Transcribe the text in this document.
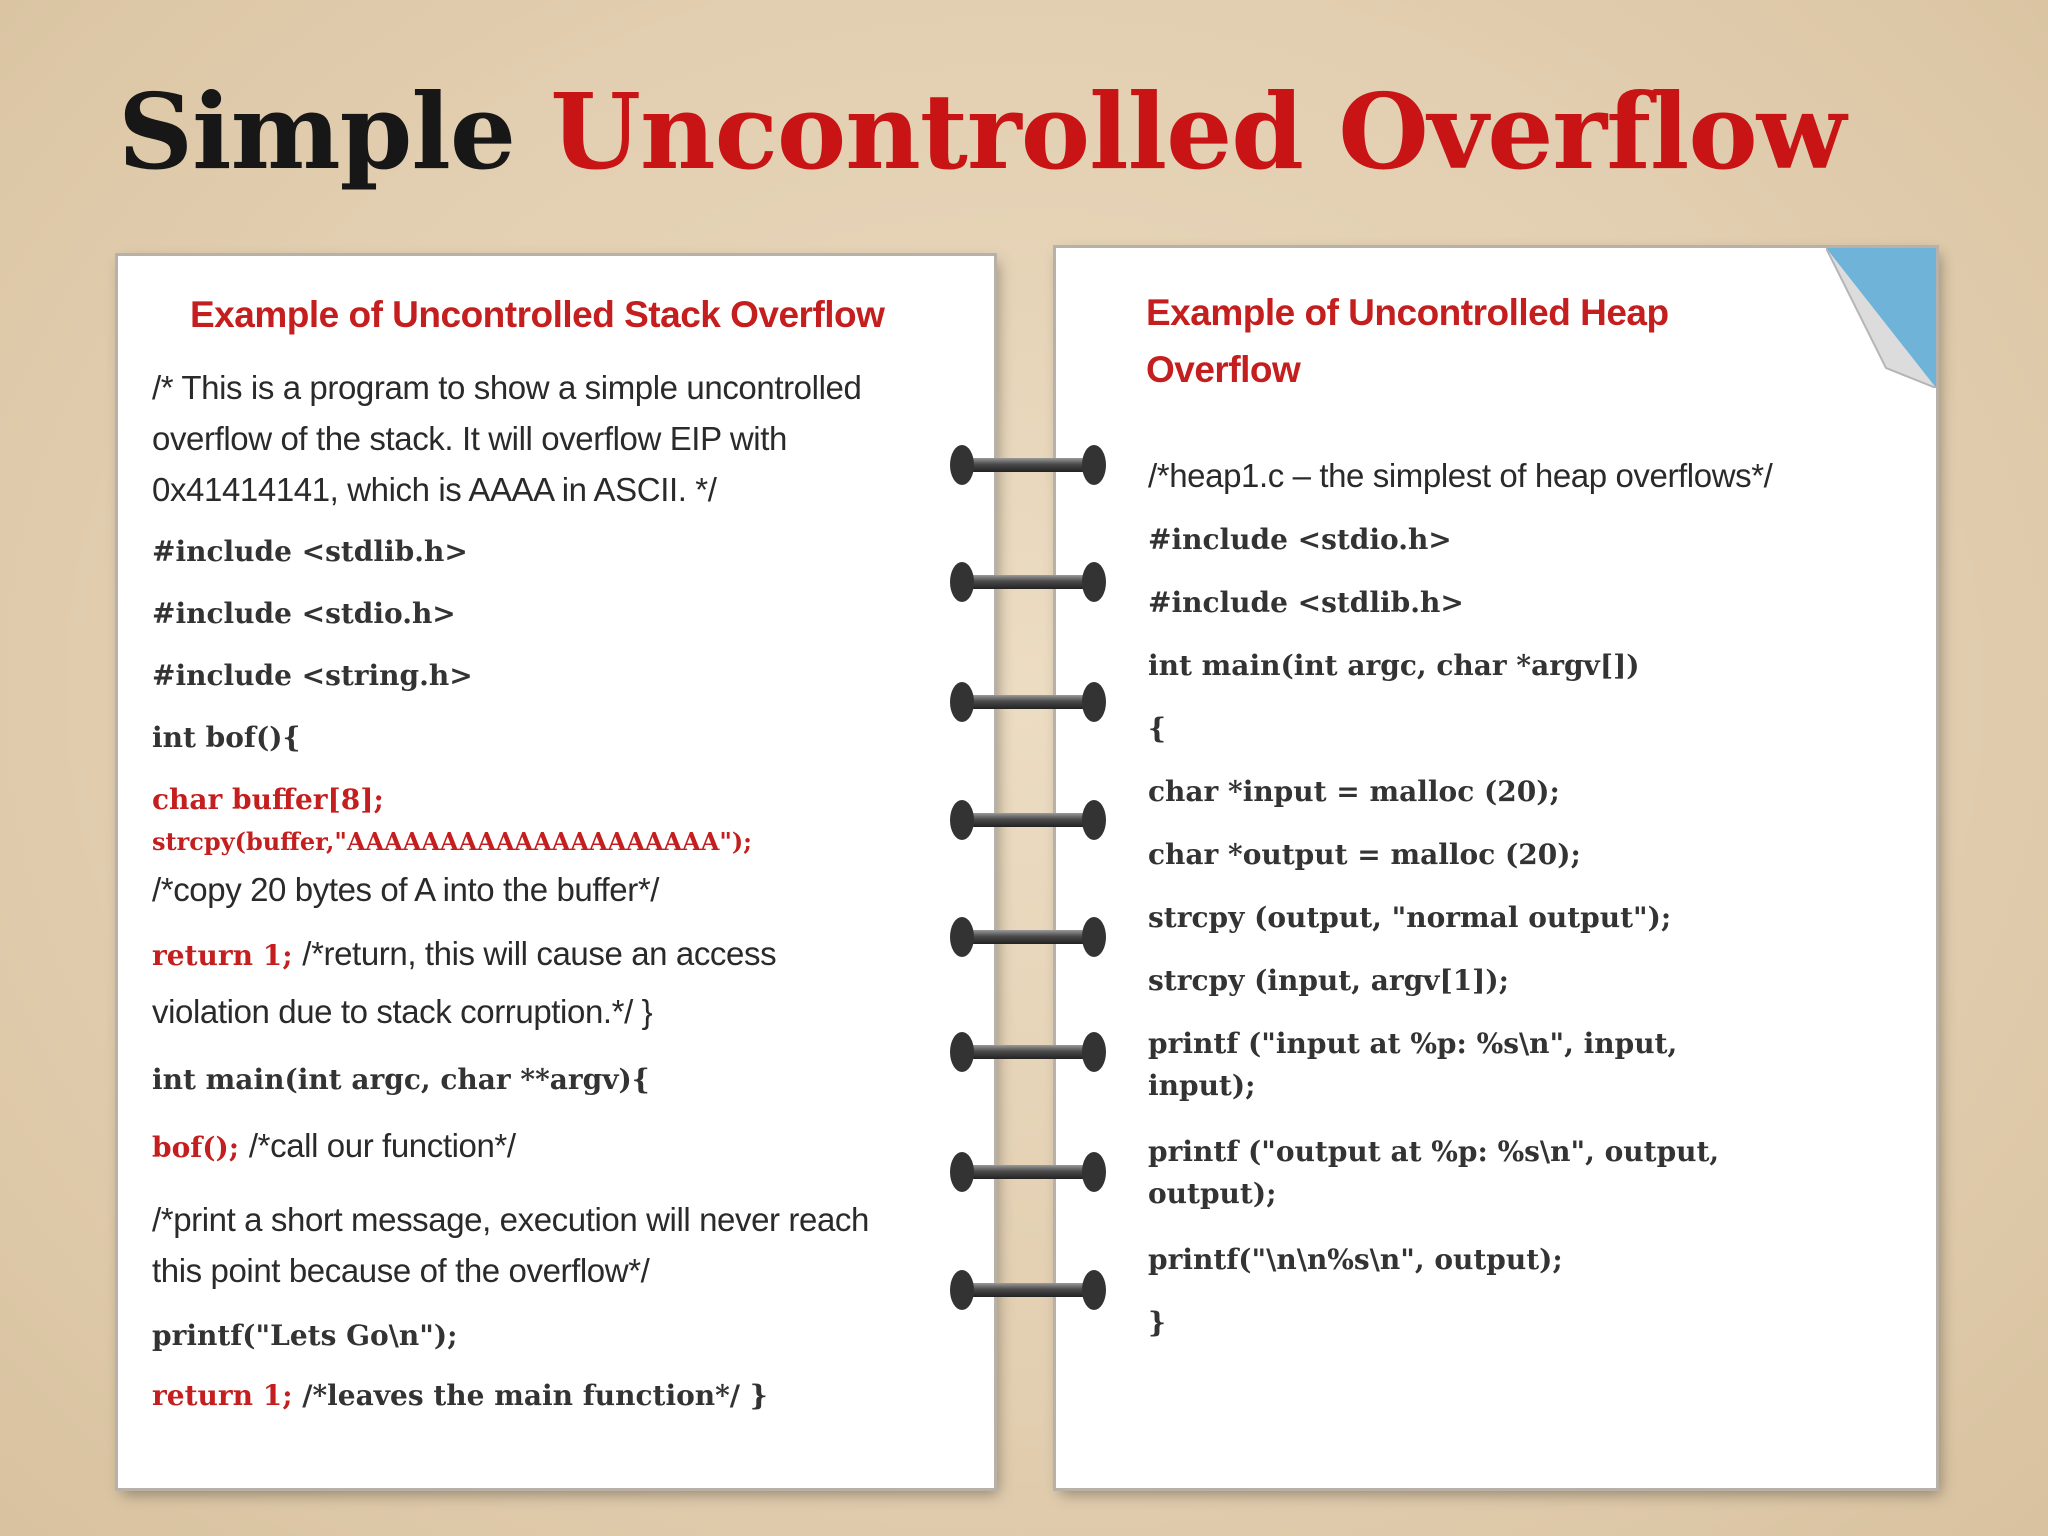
Simple Uncontrolled Overflow
Example of Uncontrolled Stack Overflow
/* This is a program to show a simple uncontrolled
overflow of the stack. It will overflow EIP with
0x41414141, which is AAAA in ASCII. */
#include <stdlib.h>
#include <stdio.h>
#include <string.h>
int bof(){
char buffer[8];
strcpy(buffer,"AAAAAAAAAAAAAAAAAAAA");
/*copy 20 bytes of A into the buffer*/
return 1; /*return, this will cause an access
violation due to stack corruption.*/ }
int main(int argc, char **argv){
bof(); /*call our function*/
/*print a short message, execution will never reach
this point because of the overflow*/
printf("Lets Go\n");
return 1; /*leaves the main function*/ }
Example of Uncontrolled Heap
Overflow
/*heap1.c – the simplest of heap overflows*/
#include <stdio.h>
#include <stdlib.h>
int main(int argc, char *argv[])
{
char *input = malloc (20);
char *output = malloc (20);
strcpy (output, "normal output");
strcpy (input, argv[1]);
printf ("input at %p: %s\n", input,
input);
printf ("output at %p: %s\n", output,
output);
printf("\n\n%s\n", output);
}
